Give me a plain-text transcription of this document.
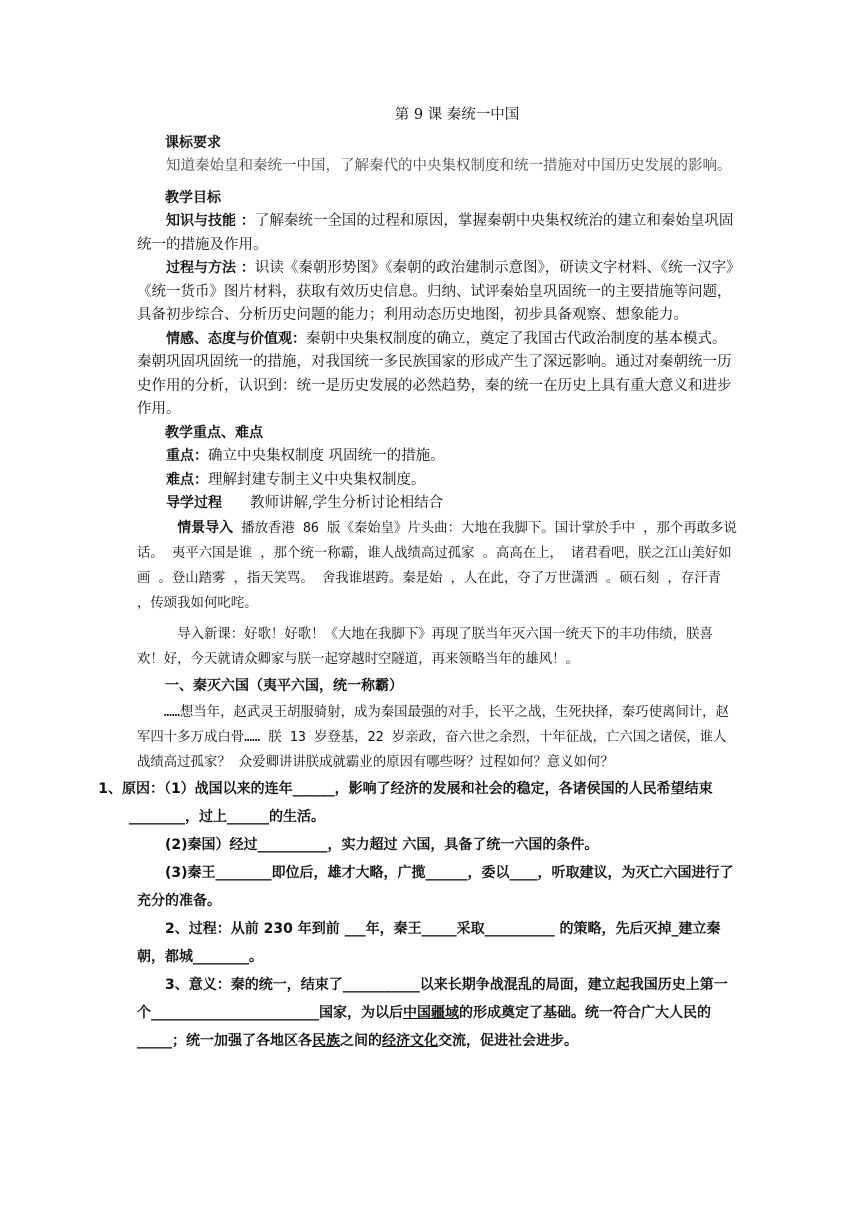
第 9 课 秦统一中国

课标要求

知道秦始皇和秦统一中国，了解秦代的中央集权制度和统一措施对中国历史发展的影响。

教学目标

知识与技能 ：了解秦统一全国的过程和原因，掌握秦朝中央集权统治的建立和秦始皇巩固统一的措施及作用。

过程与方法 ：识读《秦朝形势图》《秦朝的政治建制示意图》，研读文字材料、《统一汉字》《统一货币》图片材料，获取有效历史信息。归纳、试评秦始皇巩固统一的主要措施等问题，具备初步综合、分析历史问题的能力；利用动态历史地图，初步具备观察、想象能力。

情感、态度与价值观：秦朝中央集权制度的确立，奠定了我国古代政治制度的基本模式。秦朝巩固巩固统一的措施，对我国统一多民族国家的形成产生了深远影响。通过对秦朝统一历史作用的分析，认识到：统一是历史发展的必然趋势，秦的统一在历史上具有重大意义和进步作用。

教学重点、难点

重点：确立中央集权制度 巩固统一的措施。

难点：理解封建专制主义中央集权制度。

导学过程 教师讲解,学生分析讨论相结合

情景导入 播放香港 86 版《秦始皇》片头曲：大地在我脚下。国计掌於手中 ，那个再敢多说话。 夷平六国是谁 ，那个统一称霸，谁人战绩高过孤家 。高高在上， 诸君看吧，朕之江山美好如画 。登山踏雾 ，指天笑骂。 舍我谁堪跨。秦是始 ，人在此，夺了万世潇洒 。硕石刻 ，存汗青 ，传颂我如何叱咤。

导入新课：好歌！好歌！《大地在我脚下》再现了朕当年灭六国一统天下的丰功伟绩，朕喜欢！好，今天就请众卿家与朕一起穿越时空隧道，再来领略当年的雄风！。

一、秦灭六国（夷平六国，统一称霸）

……想当年，赵武灵王胡服骑射，成为秦国最强的对手，长平之战，生死抉择，秦巧使离间计，赵军四十多万成白骨…… 朕 13 岁登基，22 岁亲政，奋六世之余烈，十年征战，亡六国之诸侯，谁人战绩高过孤家？ 众爱卿讲讲朕成就霸业的原因有哪些呀？过程如何？意义如何？

1、原因：（1）战国以来的连年______，影响了经济的发展和社会的稳定，各诸侯国的人民希望结束________，过上______的生活。

(2)秦国）经过__________，实力超过 六国，具备了统一六国的条件。

(3)秦王________即位后，雄才大略，广揽______，委以____，听取建议，为灭亡六国进行了充分的准备。

2、过程：从前 230 年到前 ___年，秦王_____采取__________ 的策略，先后灭掉_建立秦朝，都城________。

3、意义：秦的统一，结束了___________以来长期争战混乱的局面，建立起我国历史上第一个________________________国家，为以后中国疆域的形成奠定了基础。统一符合广大人民的_____；统一加强了各地区各民族之间的经济文化交流，促进社会进步。
